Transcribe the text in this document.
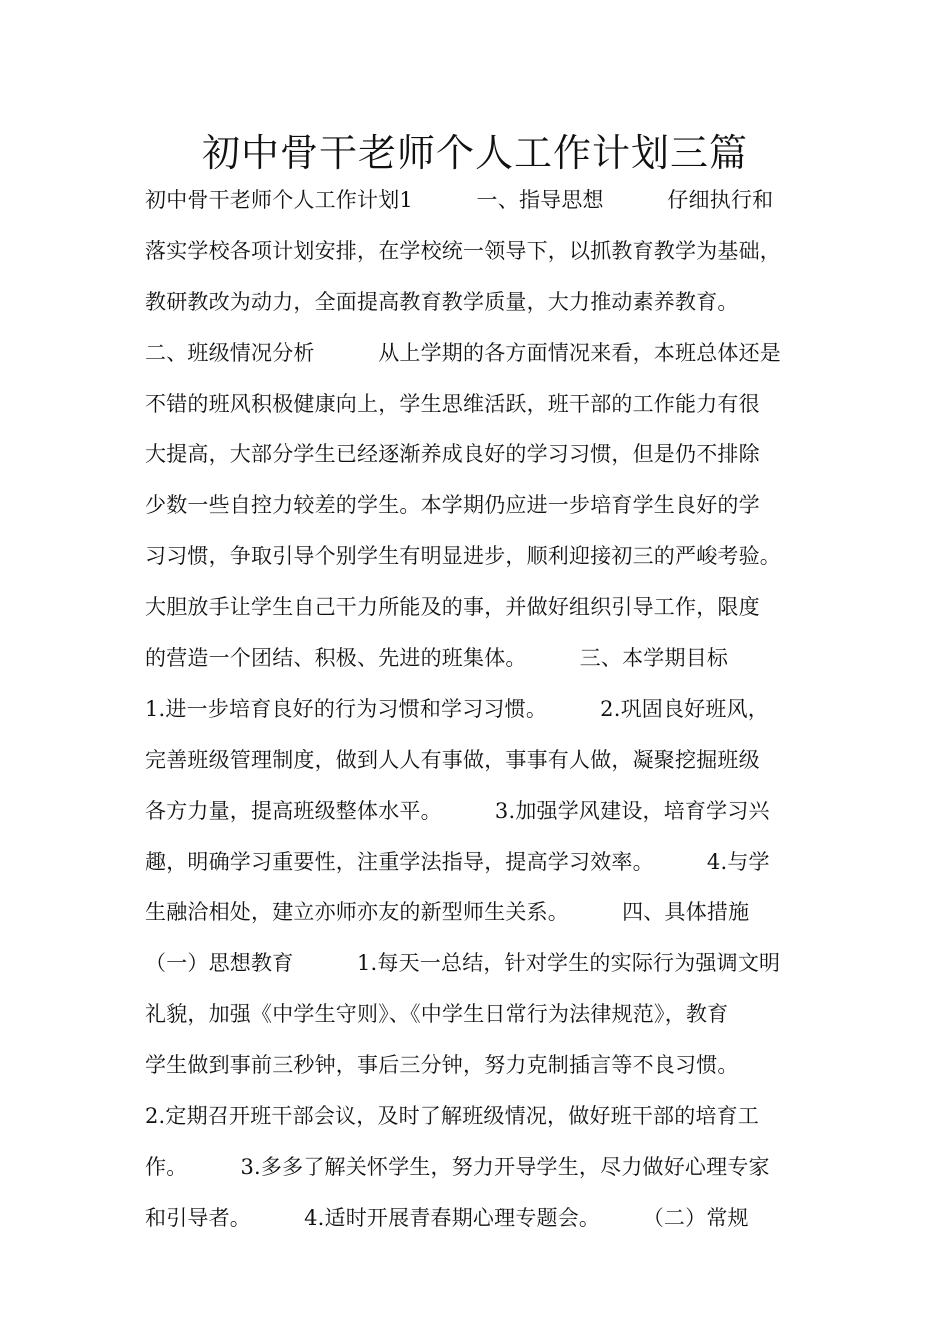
初中骨干老师个人工作计划三篇
初中骨干老师个人工作计划1　　　一、指导思想　　　仔细执行和
落实学校各项计划安排，在学校统一领导下，以抓教育教学为基础，
教研教改为动力，全面提高教育教学质量，大力推动素养教育。
二、班级情况分析　　　从上学期的各方面情况来看，本班总体还是
不错的班风积极健康向上，学生思维活跃，班干部的工作能力有很
大提高，大部分学生已经逐渐养成良好的学习习惯，但是仍不排除
少数一些自控力较差的学生。本学期仍应进一步培育学生良好的学
习习惯，争取引导个别学生有明显进步，顺利迎接初三的严峻考验。
大胆放手让学生自己干力所能及的事，并做好组织引导工作，限度
的营造一个团结、积极、先进的班集体。　　　三、本学期目标
1.进一步培育良好的行为习惯和学习习惯。　　　2.巩固良好班风，
完善班级管理制度，做到人人有事做，事事有人做，凝聚挖掘班级
各方力量，提高班级整体水平。　　　3.加强学风建设，培育学习兴
趣，明确学习重要性，注重学法指导，提高学习效率。　　　4.与学
生融洽相处，建立亦师亦友的新型师生关系。　　　四、具体措施
（一）思想教育　　　1.每天一总结，针对学生的实际行为强调文明
礼貌，加强《中学生守则》、《中学生日常行为法律规范》，教育
学生做到事前三秒钟，事后三分钟，努力克制插言等不良习惯。
2.定期召开班干部会议，及时了解班级情况，做好班干部的培育工
作。　　　3.多多了解关怀学生，努力开导学生，尽力做好心理专家
和引导者。　　　4.适时开展青春期心理专题会。　　　（二）常规
